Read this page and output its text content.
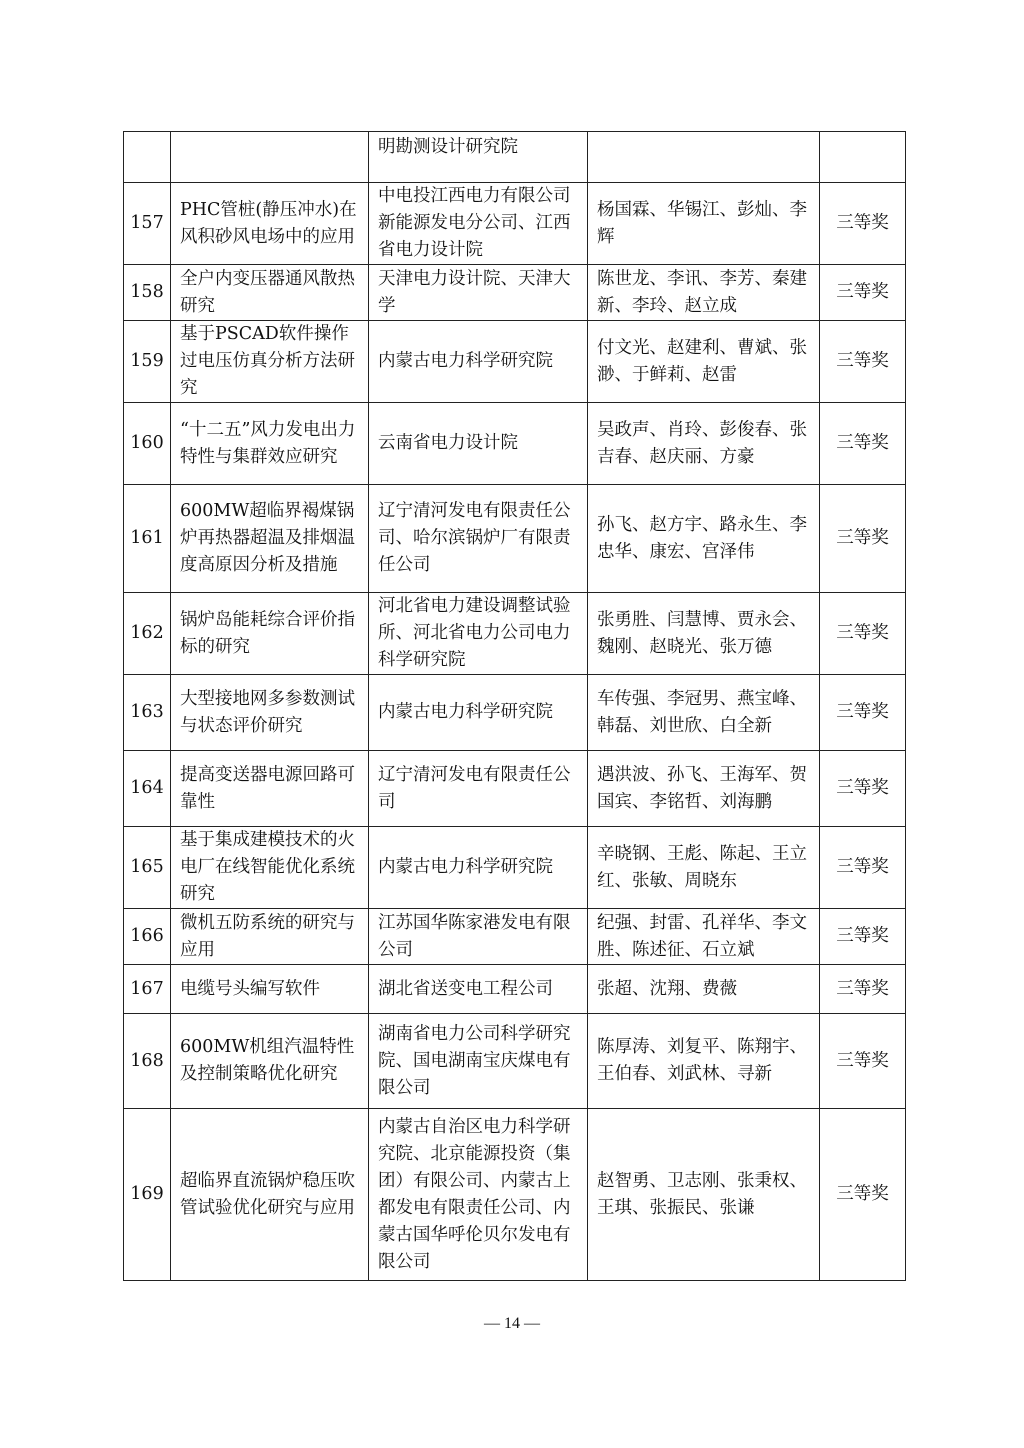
		明勘测设计研究院		
157	PHC管桩(静压冲水)在风积砂风电场中的应用	中电投江西电力有限公司新能源发电分公司、江西省电力设计院	杨国霖、华锡江、彭灿、李辉	三等奖
158	全户内变压器通风散热研究	天津电力设计院、天津大学	陈世龙、李讯、李芳、秦建新、李玲、赵立成	三等奖
159	基于PSCAD软件操作过电压仿真分析方法研究	内蒙古电力科学研究院	付文光、赵建利、曹斌、张渺、于鲜莉、赵雷	三等奖
160	“十二五”风力发电出力特性与集群效应研究	云南省电力设计院	吴政声、肖玲、彭俊春、张吉春、赵庆丽、方豪	三等奖
161	600MW超临界褐煤锅炉再热器超温及排烟温度高原因分析及措施	辽宁清河发电有限责任公司、哈尔滨锅炉厂有限责任公司	孙飞、赵方宇、路永生、李忠华、康宏、宫泽伟	三等奖
162	锅炉岛能耗综合评价指标的研究	河北省电力建设调整试验所、河北省电力公司电力科学研究院	张勇胜、闫慧博、贾永会、魏刚、赵晓光、张万德	三等奖
163	大型接地网多参数测试与状态评价研究	内蒙古电力科学研究院	车传强、李冠男、燕宝峰、韩磊、刘世欣、白全新	三等奖
164	提高变送器电源回路可靠性	辽宁清河发电有限责任公司	遇洪波、孙飞、王海军、贺国宾、李铭哲、刘海鹏	三等奖
165	基于集成建模技术的火电厂在线智能优化系统研究	内蒙古电力科学研究院	辛晓钢、王彪、陈起、王立红、张敏、周晓东	三等奖
166	微机五防系统的研究与应用	江苏国华陈家港发电有限公司	纪强、封雷、孔祥华、李文胜、陈述征、石立斌	三等奖
167	电缆号头编写软件	湖北省送变电工程公司	张超、沈翔、费薇	三等奖
168	600MW机组汽温特性及控制策略优化研究	湖南省电力公司科学研究院、国电湖南宝庆煤电有限公司	陈厚涛、刘复平、陈翔宇、王伯春、刘武林、寻新	三等奖
169	超临界直流锅炉稳压吹管试验优化研究与应用	内蒙古自治区电力科学研究院、北京能源投资（集团）有限公司、内蒙古上都发电有限责任公司、内蒙古国华呼伦贝尔发电有限公司	赵智勇、卫志刚、张秉权、王琪、张振民、张谦	三等奖
— 14 —
